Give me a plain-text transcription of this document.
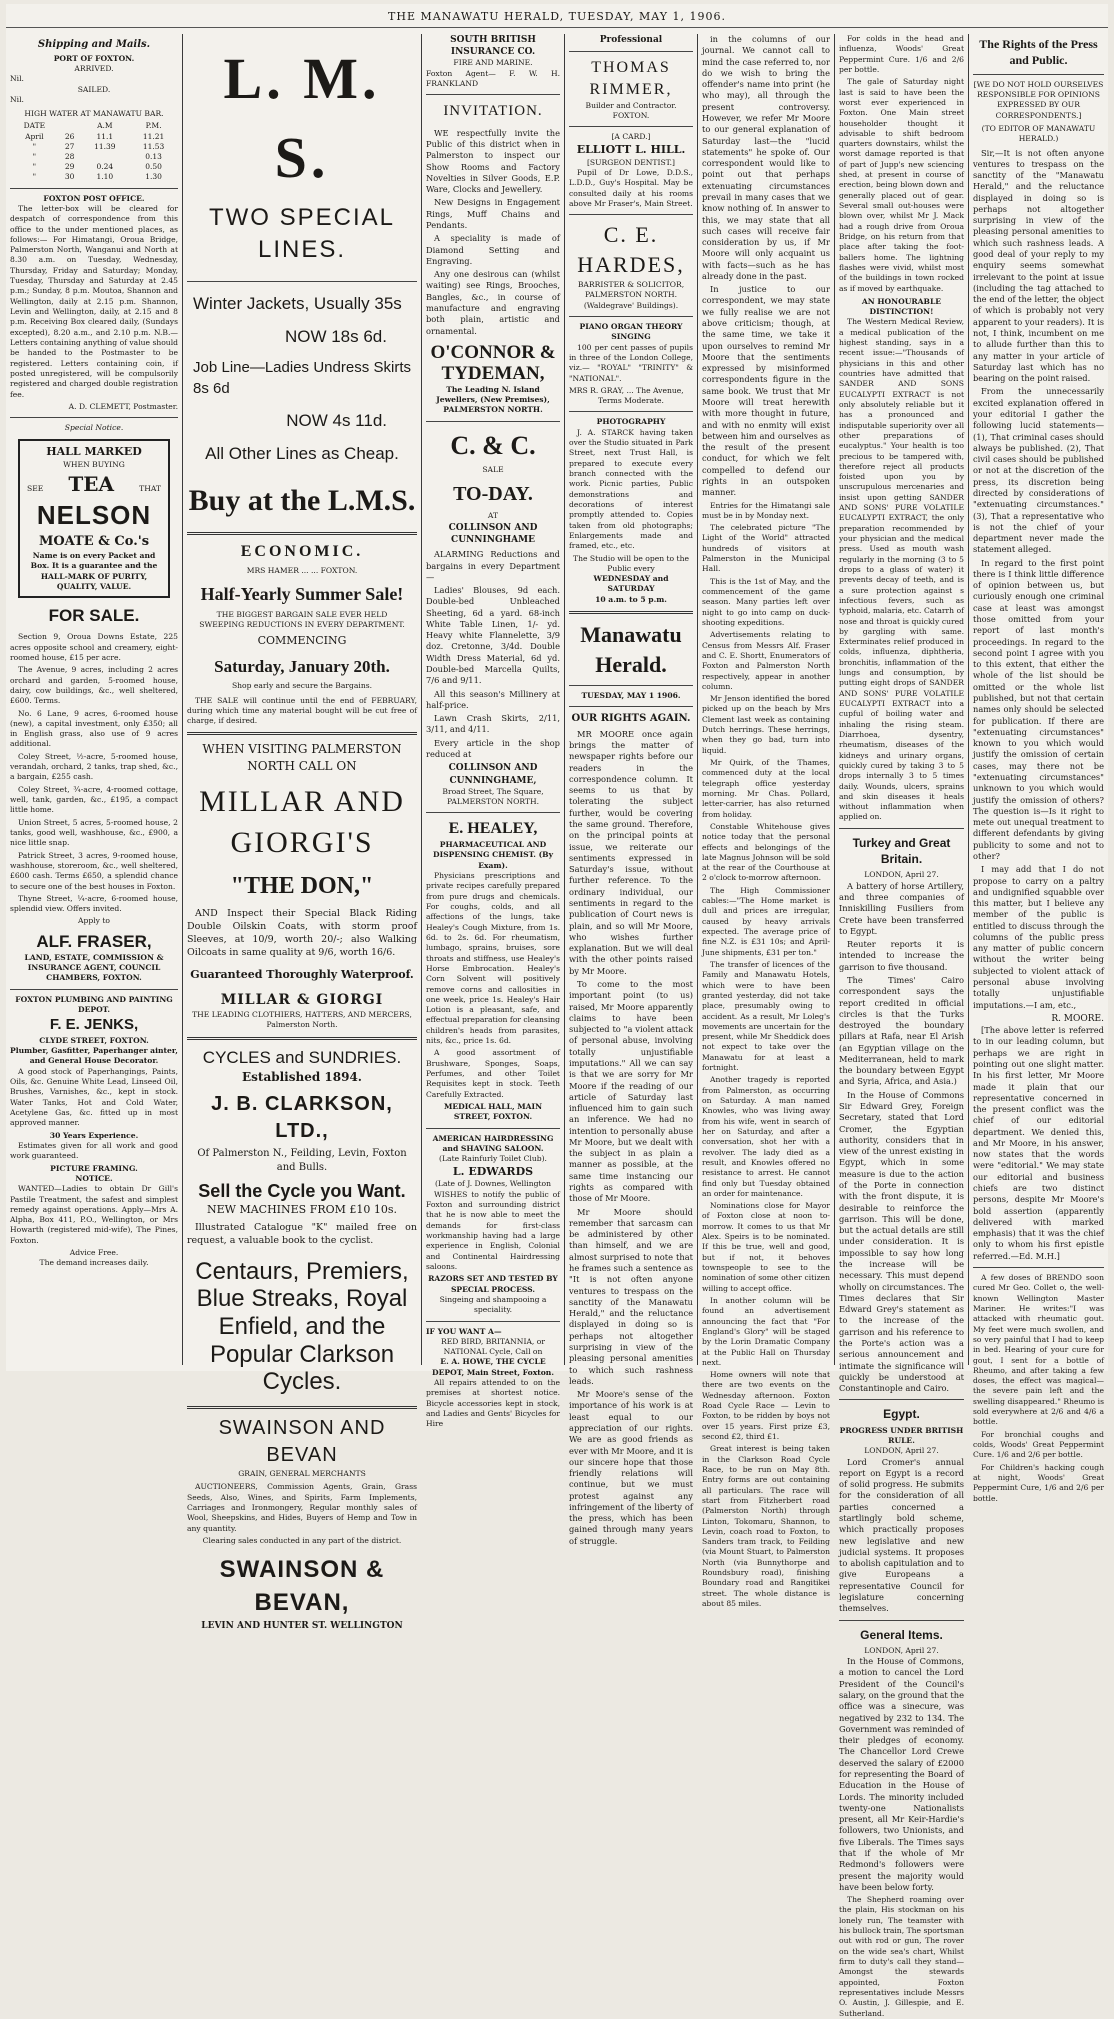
THE MANAWATU HERALD, TUESDAY, MAY 1, 1906.
Shipping and Mails.
PORT OF FOXTON.
ARRIVED.
Nil.
SAILED.
Nil.
HIGH WATER AT MANAWATU BAR.
DATE		A.M	P.M.
April	26	11.1	11.21
"	27	11.39	11.53
"	28		0.13
"	29	0.24	0.50
"	30	1.10	1.30
FOXTON POST OFFICE.
The letter-box will be cleared for despatch of correspondence from this office to the under mentioned places, as follows:— For Himatangi, Oroua Bridge, Palmerston North, Wanganui and North at 8.30 a.m. on Tuesday, Wednesday, Thursday, Friday and Saturday; Monday, Tuesday, Thursday and Saturday at 2.45 p.m.; Sunday, 8 p.m. Moutoa, Shannon and Wellington, daily at 2.15 p.m. Shannon, Levin and Wellington, daily, at 2.15 and 8 p.m. Receiving Box cleared daily, (Sundays excepted), 8.20 a.m., and 2.10 p.m. N.B.—Letters containing anything of value should be handed to the Postmaster to be registered. Letters containing coin, if posted unregistered, will be compulsorily registered and charged double registration fee.
A. D. CLEMETT, Postmaster.
Special Notice.
HALL MARKED
WHEN BUYING
SEE TEA	THAT
NELSON
MOATE & Co.'s
Name is on every Packet and Box. It is a guarantee and the HALL-MARK OF PURITY, QUALITY, VALUE.
FOR SALE.
Section 9, Oroua Downs Estate, 225 acres opposite school and creamery, eight-roomed house, £15 per acre.
The Avenue, 9 acres, including 2 acres orchard and garden, 5-roomed house, dairy, cow buildings, &c., well sheltered, £600. Terms.
No. 6 Lane, 9 acres, 6-roomed house (new), a capital investment, only £350; all in English grass, also use of 9 acres additional.
Coley Street, ½-acre, 5-roomed house, verandah, orchard, 2 tanks, trap shed, &c., a bargain, £255 cash.
Coley Street, ¾-acre, 4-roomed cottage, well, tank, garden, &c., £195, a compact little home.
Union Street, 5 acres, 5-roomed house, 2 tanks, good well, washhouse, &c., £900, a nice little snap.
Patrick Street, 3 acres, 9-roomed house, washhouse, storeroom, &c., well sheltered, £600 cash. Terms £650, a splendid chance to secure one of the best houses in Foxton.
Thyne Street, ¼-acre, 6-roomed house, splendid view. Offers invited.
Apply to
ALF. FRASER,
LAND, ESTATE, COMMISSION & INSURANCE AGENT, COUNCIL CHAMBERS, FOXTON.
FOXTON PLUMBING AND PAINTING DEPOT.
F. E. JENKS,
CLYDE STREET, FOXTON.
Plumber, Gasfitter, Paperhanger ainter, and General House Decorator.
A good stock of Paperhangings, Paints, Oils, &c. Genuine White Lead, Linseed Oil, Brushes, Varnishes, &c., kept in stock. Water Tanks, Hot and Cold Water, Acetylene Gas, &c. fitted up in most approved manner.
30 Years Experience.
Estimates given for all work and good work guaranteed.
PICTURE FRAMING.
NOTICE.
WANTED—Ladies to obtain Dr Gill's Pastile Treatment, the safest and simplest remedy against operations. Apply—Mrs A. Alpha, Box 411, P.O., Wellington, or Mrs Howarth (registered mid-wife), The Pines, Foxton.
Advice Free.
The demand increases daily.
L. M. S.
TWO SPECIAL LINES.
Winter Jackets, Usually 35s
NOW 18s 6d.
Job Line—Ladies Undress Skirts 8s 6d
NOW 4s 11d.
All Other Lines as Cheap.
Buy at the L.M.S.
ECONOMIC.
MRS HAMER ... ... FOXTON.
Half-Yearly Summer Sale!
THE BIGGEST BARGAIN SALE EVER HELD
SWEEPING REDUCTIONS IN EVERY DEPARTMENT.
COMMENCING
Saturday, January 20th.
Shop early and secure the Bargains.
THE SALE will continue until the end of FEBRUARY, during which time any material bought will be cut free of charge, if desired.
WHEN VISITING PALMERSTON NORTH CALL ON
MILLAR AND GIORGI'S
"THE DON,"
AND Inspect their Special Black Riding Double Oilskin Coats, with storm proof Sleeves, at 10/9, worth 20/-; also Walking Oilcoats in same quality at 9/6, worth 16/6.
Guaranteed Thoroughly Waterproof.
MILLAR & GIORGI
THE LEADING CLOTHIERS, HATTERS, AND MERCERS,
Palmerston North.
CYCLES and SUNDRIES.
Established 1894.
J. B. CLARKSON, LTD.,
Of Palmerston N., Feilding, Levin, Foxton and Bulls.
Sell the Cycle you Want.
NEW MACHINES FROM £10 10s.
Illustrated Catalogue "K" mailed free on request, a valuable book to the cyclist.
Centaurs, Premiers, Blue Streaks, Royal Enfield, and the Popular Clarkson Cycles.
SWAINSON AND BEVAN
GRAIN, GENERAL MERCHANTS
AUCTIONEERS, Commission Agents, Grain, Grass Seeds, Also, Wines, and Spirits, Farm Implements, Carriages and Ironmongery, Regular monthly sales of Wool, Sheepskins, and Hides, Buyers of Hemp and Tow in any quantity.
Clearing sales conducted in any part of the district.
SWAINSON & BEVAN,
LEVIN AND HUNTER ST. WELLINGTON
SOUTH BRITISH INSURANCE CO.
FIRE AND MARINE.
Foxton Agent— F. W. H. FRANKLAND
INVITATION.
WE respectfully invite the Public of this district when in Palmerston to inspect our Show Rooms and Factory Novelties in Silver Goods, E.P. Ware, Clocks and Jewellery.
New Designs in Engagement Rings, Muff Chains and Pendants.
A speciality is made of Diamond Setting and Engraving.
Any one desirous can (whilst waiting) see Rings, Brooches, Bangles, &c., in course of manufacture and engraving both plain, artistic and ornamental.
O'CONNOR & TYDEMAN,
The Leading N. Island Jewellers, (New Premises), PALMERSTON NORTH.
C. & C.
SALE
TO-DAY.
AT
COLLINSON AND CUNNINGHAME
ALARMING Reductions and bargains in every Department—
Ladies' Blouses, 9d each. Double-bed Unbleached Sheeting, 6d a yard. 68-inch White Table Linen, 1/- yd. Heavy white Flannelette, 3/9 doz. Cretonne, 3/4d. Double Width Dress Material, 6d yd. Double-bed Marcella Quilts, 7/6 and 9/11.
All this season's Millinery at half-price.
Lawn Crash Skirts, 2/11, 3/11, and 4/11.
Every article in the shop reduced at
COLLINSON AND CUNNINGHAME,
Broad Street, The Square, PALMERSTON NORTH.
E. HEALEY,
PHARMACEUTICAL AND DISPENSING CHEMIST. (By Exam).
Physicians prescriptions and private recipes carefully prepared from pure drugs and chemicals. For coughs, colds, and all affections of the lungs, take Healey's Cough Mixture, from 1s. 6d. to 2s. 6d. For rheumatism, lumbago, sprains, bruises, sore throats and stiffness, use Healey's Horse Embrocation. Healey's Corn Solvent will positively remove corns and callosities in one week, price 1s. Healey's Hair Lotion is a pleasant, safe, and effectual preparation for cleansing children's heads from parasites, nits, &c., price 1s. 6d.
A good assortment of Brushware, Sponges, Soaps, Perfumes, and other Toilet Requisites kept in stock. Teeth Carefully Extracted.
MEDICAL HALL, MAIN STREET, FOXTON.
AMERICAN HAIRDRESSING and SHAVING SALOON.
(Late Rainfurly Toilet Club).
L. EDWARDS
(Late of J. Downes, Wellington
WISHES to notify the public of Foxton and surrounding district that he is now able to meet the demands for first-class workmanship having had a large experience in English, Colonial and Continental Hairdressing saloons.
RAZORS SET AND TESTED BY SPECIAL PROCESS.
Singeing and shampooing a speciality.
IF YOU WANT A—
RED BIRD, BRITANNIA, or NATIONAL Cycle, Call on
E. A. HOWE, THE CYCLE DEPOT, Main Street, Foxton.
All repairs attended to on the premises at shortest notice. Bicycle accessories kept in stock, and Ladies and Gents' Bicycles for Hire
Professional
THOMAS RIMMER,
Builder and Contractor.
FOXTON.
[A CARD.]
ELLIOTT L. HILL.
[SURGEON DENTIST.]
Pupil of Dr Lowe, D.D.S., L.D.D., Guy's Hospital. May be consulted daily at his rooms above Mr Fraser's, Main Street.
C. E. HARDES,
BARRISTER & SOLICITOR, PALMERSTON NORTH.
(Waldegrave' Buildings).
PIANO ORGAN THEORY SINGING
100 per cent passes of pupils in three of the London College, viz.— "ROYAL" "TRINITY" & "NATIONAL".
MRS R. GRAY, ... The Avenue,
Terms Moderate.
PHOTOGRAPHY
J. A. STARCK having taken over the Studio situated in Park Street, next Trust Hall, is prepared to execute every branch connected with the work. Picnic parties, Public demonstrations and decorations of interest promptly attended to. Copies taken from old photographs; Enlargements made and framed, etc., etc.
The Studio will be open to the Public every
WEDNESDAY and SATURDAY
10 a.m. to 5 p.m.
Manawatu Herald.
TUESDAY, MAY 1 1906.
OUR RIGHTS AGAIN.
MR MOORE once again brings the matter of newspaper rights before our readers in the correspondence column. It seems to us that by tolerating the subject further, would be covering the same ground. Therefore, on the principal points at issue, we reiterate our sentiments expressed in Saturday's issue, without further reference. To the ordinary individual, our sentiments in regard to the publication of Court news is plain, and so will Mr Moore, who wishes further explanation. But we will deal with the other points raised by Mr Moore.
To come to the most important point (to us) raised, Mr Moore apparently claims to have been subjected to "a violent attack of personal abuse, involving totally unjustifiable imputations." All we can say is that we are sorry for Mr Moore if the reading of our article of Saturday last influenced him to gain such an inference. We had no intention to personally abuse Mr Moore, but we dealt with the subject in as plain a manner as possible, at the same time instancing our rights as compared with those of Mr Moore.
Mr Moore should remember that sarcasm can be administered by other than himself, and we are almost surprised to note that he frames such a sentence as "It is not often anyone ventures to trespass on the sanctity of the Manawatu Herald," and the reluctance displayed in doing so is perhaps not altogether surprising in view of the pleasing personal amenities to which such rashness leads.
Mr Moore's sense of the importance of his work is at least equal to our appreciation of our rights. We are as good friends as ever with Mr Moore, and it is our sincere hope that those friendly relations will continue, but we must protest against any infringement of the liberty of the press, which has been gained through many years of struggle.
in the columns of our journal. We cannot call to mind the case referred to, nor do we wish to bring the offender's name into print (he who may), all through the present controversy. However, we refer Mr Moore to our general explanation of Saturday last—the "lucid statements" he spoke of. Our correspondent would like to point out that perhaps extenuating circumstances prevail in many cases that we know nothing of. In answer to this, we may state that all such cases will receive fair consideration by us, if Mr Moore will only acquaint us with facts—such as he has already done in the past.
In justice to our correspondent, we may state we fully realise we are not above criticism; though, at the same time, we take it upon ourselves to remind Mr Moore that the sentiments expressed by misinformed correspondents figure in the same book. We trust that Mr Moore will treat herewith with more thought in future, and with no enmity will exist between him and ourselves as the result of the present conduct, for which we felt compelled to defend our rights in an outspoken manner.
Entries for the Himatangi sale must be in by Monday next.
The celebrated picture "The Light of the World" attracted hundreds of visitors at Palmerston in the Municipal Hall.
This is the 1st of May, and the commencement of the game season. Many parties left over night to go into camp on duck-shooting expeditions.
Advertisements relating to Census from Messrs Alf. Fraser and C. E. Shortt, Enumerators of Foxton and Palmerston North respectively, appear in another column.
Mr Jenson identified the bored picked up on the beach by Mrs Clement last week as containing Dutch herrings. These herrings, when they go bad, turn into liquid.
Mr Quirk, of the Thames, commenced duty at the local telegraph office yesterday morning. Mr Chas. Pollard, letter-carrier, has also returned from holiday.
Constable Whitehouse gives notice today that the personal effects and belongings of the late Magnus Johnson will be sold at the rear of the Courthouse at 2 o'clock to-morrow afternoon.
The High Commissioner cables:—"The Home market is dull and prices are irregular, caused by heavy arrivals expected. The average price of fine N.Z. is £31 10s; and April-June shipments, £31 per ton."
The transfer of licences of the Family and Manawatu Hotels, which were to have been granted yesterday, did not take place, presumably owing to accident. As a result, Mr Loleg's movements are uncertain for the present, while Mr Sheddick does not expect to take over the Manawatu for at least a fortnight.
Another tragedy is reported from Palmerston, as occurring on Saturday. A man named Knowles, who was living away from his wife, went in search of her on Saturday, and after a conversation, shot her with a revolver. The lady died as a result, and Knowles offered no resistance to arrest. He cannot find only but Tuesday obtained an order for maintenance.
Nominations close for Mayor of Foxton close at noon to-morrow. It comes to us that Mr Alex. Speirs is to be nominated. If this be true, well and good, but if not, it behoves townspeople to see to the nomination of some other citizen willing to accept office.
In another column will be found an advertisement announcing the fact that "For England's Glory" will be staged by the Lorin Dramatic Company at the Public Hall on Thursday next.
Home owners will note that there are two events on the Wednesday afternoon. Foxton Road Cycle Race — Levin to Foxton, to be ridden by boys not over 15 years. First prize £3, second £2, third £1.
Great interest is being taken in the Clarkson Road Cycle Race, to be run on May 8th. Entry forms are out containing all particulars. The race will start from Fitzherbert road (Palmerston North) through Linton, Tokomaru, Shannon, to Levin, coach road to Foxton, to Sanders tram track, to Feilding (via Mount Stuart, to Palmerston North (via Bunnythorpe and Roundsbury road), finishing Boundary road and Rangitikei street. The whole distance is about 85 miles.
For colds in the head and influenza, Woods' Great Peppermint Cure. 1/6 and 2/6 per bottle.
The gale of Saturday night last is said to have been the worst ever experienced in Foxton. One Main street householder thought it advisable to shift bedroom quarters downstairs, whilst the worst damage reported is that of part of Jupp's new sciencing shed, at present in course of erection, being blown down and generally placed out of gear. Several small out-houses were blown over, whilst Mr J. Mack had a rough drive from Oroua Bridge, on his return from that place after taking the foot-ballers home. The lightning flashes were vivid, whilst most of the buildings in town rocked as if moved by earthquake.
AN HONOURABLE DISTINCTION!
The Western Medical Review, a medical publication of the highest standing, says in a recent issue:—"Thousands of physicians in this and other countries have admitted that SANDER AND SONS EUCALYPTI EXTRACT is not only absolutely reliable but it has a pronounced and indisputable superiority over all other preparations of eucalyptus." Your health is too precious to be tampered with, therefore reject all products foisted upon you by unscrupulous mercenaries and insist upon getting SANDER AND SONS' PURE VOLATILE EUCALYPTI EXTRACT, the only preparation recommended by your physician and the medical press. Used as mouth wash regularly in the morning (3 to 5 drops to a glass of water) it prevents decay of teeth, and is a sure protection against s infectious fevers, such as typhoid, malaria, etc. Catarrh of nose and throat is quickly cured by gargling with same. Exterminates relief produced in colds, influenza, diphtheria, bronchitis, inflammation of the lungs and consumption, by putting eight drops of SANDER AND SONS' PURE VOLATILE EUCALYPTI EXTRACT into a cupful of boiling water and inhaling the rising steam. Diarrhoea, dysentry, rheumatism, diseases of the kidneys and urinary organs, quickly cured by taking 3 to 5 drops internally 3 to 5 times daily. Wounds, ulcers, sprains and skin diseases it heals without inflammation when applied on.
Turkey and Great Britain.
LONDON, April 27.
A battery of horse Artillery, and three companies of Inniskilling Fusiliers from Crete have been transferred to Egypt.
Reuter reports it is intended to increase the garrison to five thousand.
The Times' Cairo correspondent says the report credited in official circles is that the Turks destroyed the boundary pillars at Rafa, near El Arish (an Egyptian village on the Mediterranean, held to mark the boundary between Egypt and Syria, Africa, and Asia.)
In the House of Commons Sir Edward Grey, Foreign Secretary, stated that Lord Cromer, the Egyptian authority, considers that in view of the unrest existing in Egypt, which in some measure is due to the action of the Porte in connection with the front dispute, it is desirable to reinforce the garrison. This will be done, but the actual details are still under consideration. It is impossible to say how long the increase will be necessary. This must depend wholly on circumstances. The Times declares that Sir Edward Grey's statement as to the increase of the garrison and his reference to the Porte's action was a serious announcement and intimate the significance will quickly be understood at Constantinople and Cairo.
Egypt.
PROGRESS UNDER BRITISH RULE.
LONDON, April 27.
Lord Cromer's annual report on Egypt is a record of solid progress. He submits for the consideration of all parties concerned a startlingly bold scheme, which practically proposes new legislative and new judicial systems. It proposes to abolish capitulation and to give Europeans a representative Council for legislature concerning themselves.
General Items.
LONDON, April 27.
In the House of Commons, a motion to cancel the Lord President of the Council's salary, on the ground that the office was a sinecure, was negatived by 232 to 134. The Government was reminded of their pledges of economy. The Chancellor Lord Crewe deserved the salary of £2000 for representing the Board of Education in the House of Lords. The minority included twenty-one Nationalists present, all Mr Keir-Hardie's followers, two Unionists, and five Liberals. The Times says that if the whole of Mr Redmond's followers were present the majority would have been below forty.
The Shepherd roaming over the plain, His stockman on his lonely run, The teamster with his bullock train, The sportsman out with rod or gun, The rover on the wide sea's chart, Whilst firm to duty's call they stand—Amongst the stewards appointed, Foxton representatives include Messrs O. Austin, J. Gillespie, and E. Sutherland.
The Rights of the Press and Public.
[WE DO NOT HOLD OURSELVES RESPONSIBLE FOR OPINIONS EXPRESSED BY OUR CORRESPONDENTS.]
(TO EDITOR OF MANAWATU HERALD.)
Sir,—It is not often anyone ventures to trespass on the sanctity of the "Manawatu Herald," and the reluctance displayed in doing so is perhaps not altogether surprising in view of the pleasing personal amenities to which such rashness leads. A good deal of your reply to my enquiry seems somewhat irrelevant to the point at issue (including the tag attached to the end of the letter, the object of which is probably not very apparent to your readers). It is not, I think, incumbent on me to allude further than this to any matter in your article of Saturday last which has no bearing on the point raised.
From the unnecessarily excited explanation offered in your editorial I gather the following lucid statements—(1), That criminal cases should always be published. (2), That civil cases should be published or not at the discretion of the press, its discretion being directed by considerations of "extenuating circumstances." (3), That a representative who is not the chief of your department never made the statement alleged.
In regard to the first point there is I think little difference of opinion between us, but curiously enough one criminal case at least was amongst those omitted from your report of last month's proceedings. In regard to the second point I agree with you to this extent, that either the whole of the list should be omitted or the whole list published, but not that certain names only should be selected for publication. If there are "extenuating circumstances" known to you which would justify the omission of certain cases, may there not be "extenuating circumstances" unknown to you which would justify the omission of others? The question is—Is it right to mete out unequal treatment to different defendants by giving publicity to some and not to other?
I may add that I do not propose to carry on a paltry and undignified squabble over this matter, but I believe any member of the public is entitled to discuss through the columns of the public press any matter of public concern without the writer being subjected to violent attack of personal abuse involving totally unjustifiable imputations.—I am, etc.,
R. MOORE.
[The above letter is referred to in our leading column, but perhaps we are right in pointing out one slight matter. In his first letter, Mr Moore made it plain that our representative concerned in the present conflict was the chief of our editorial department. We denied this, and Mr Moore, in his answer, now states that the words were "editorial." We may state our editorial and business chiefs are two distinct persons, despite Mr Moore's bold assertion (apparently delivered with marked emphasis) that it was the chief only to whom his first epistle referred.—Ed. M.H.]
A few doses of BRENDO soon cured Mr Geo. Collet o, the well-known Wellington Master Mariner. He writes:"I was attacked with rheumatic gout. My feet were much swollen, and so very painful that I had to keep in bed. Hearing of your cure for gout, I sent for a bottle of Rheumo, and after taking a few doses, the effect was magical—the severe pain left and the swelling disappeared." Rheumo is sold everywhere at 2/6 and 4/6 a bottle.
For bronchial coughs and colds, Woods' Great Peppermint Cure. 1/6 and 2/6 per bottle.
For Children's hacking cough at night, Woods' Great Peppermint Cure, 1/6 and 2/6 per bottle.
